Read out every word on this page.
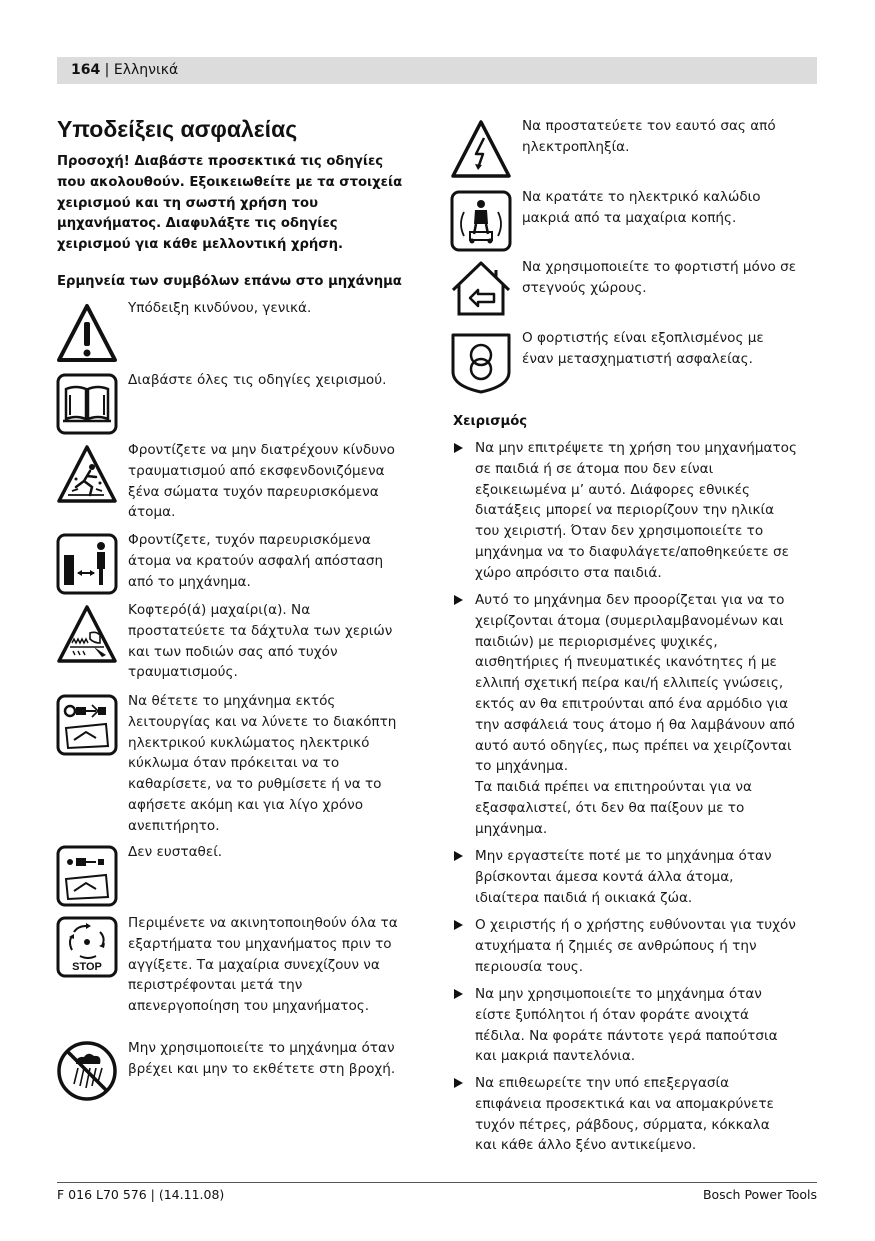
164 | Ελληνικά
Υποδείξεις ασφαλείας
Προσοχή! Διαβάστε προσεκτικά τις οδηγίες
που ακολουθούν. Εξοικειωθείτε με τα στοιχεία
χειρισμού και τη σωστή χρήση του
μηχανήματος. Διαφυλάξτε τις οδηγίες
χειρισμού για κάθε μελλοντική χρήση.
Ερμηνεία των συμβόλων επάνω στο μηχάνημα
Υπόδειξη κινδύνου, γενικά.
Διαβάστε όλες τις οδηγίες χειρισμού.
Φροντίζετε να μην διατρέχουν κίνδυνο
τραυματισμού από εκσφενδονιζόμενα
ξένα σώματα τυχόν παρευρισκόμενα
άτομα.
Φροντίζετε, τυχόν παρευρισκόμενα
άτομα να κρατούν ασφαλή απόσταση
από το μηχάνημα.
Κοφτερό(ά) μαχαίρι(α). Να
προστατεύετε τα δάχτυλα των χεριών
και των ποδιών σας από τυχόν
τραυματισμούς.
Να θέτετε το μηχάνημα εκτός
λειτουργίας και να λύνετε το διακόπτη
ηλεκτρικού κυκλώματος ηλεκτρικό
κύκλωμα όταν πρόκειται να το
καθαρίσετε, να το ρυθμίσετε ή να το
αφήσετε ακόμη και για λίγο χρόνο
ανεπιτήρητο.
Δεν ευσταθεί.
STOP
Περιμένετε να ακινητοποιηθούν όλα τα
εξαρτήματα του μηχανήματος πριν το
αγγίξετε. Τα μαχαίρια συνεχίζουν να
περιστρέφονται μετά την
απενεργοποίηση του μηχανήματος.
Μην χρησιμοποιείτε το μηχάνημα όταν
βρέχει και μην το εκθέτετε στη βροχή.
Να προστατεύετε τον εαυτό σας από
ηλεκτροπληξία.
Να κρατάτε το ηλεκτρικό καλώδιο
μακριά από τα μαχαίρια κοπής.
Να χρησιμοποιείτε το φορτιστή μόνο σε
στεγνούς χώρους.
Ο φορτιστής είναι εξοπλισμένος με
έναν μετασχηματιστή ασφαλείας.
Χειρισμός
Να μην επιτρέψετε τη χρήση του μηχανήματος
σε παιδιά ή σε άτομα που δεν είναι
εξοικειωμένα μ’ αυτό. Διάφορες εθνικές
διατάξεις μπορεί να περιορίζουν την ηλικία
του χειριστή. Όταν δεν χρησιμοποιείτε το
μηχάνημα να το διαφυλάγετε/αποθηκεύετε σε
χώρο απρόσιτο στα παιδιά.
Αυτό το μηχάνημα δεν προορίζεται για να το
χειρίζονται άτομα (συμεριλαμβανομένων και
παιδιών) με περιορισμένες ψυχικές,
αισθητήριες ή πνευματικές ικανότητες ή με
ελλιπή σχετική πείρα και/ή ελλιπείς γνώσεις,
εκτός αν θα επιτρούνται από ένα αρμόδιο για
την ασφάλειά τους άτομο ή θα λαμβάνουν από
αυτό αυτό οδηγίες, πως πρέπει να χειρίζονται
το μηχάνημα.
Τα παιδιά πρέπει να επιτηρούνται για να
εξασφαλιστεί, ότι δεν θα παίξουν με το
μηχάνημα.
Μην εργαστείτε ποτέ με το μηχάνημα όταν
βρίσκονται άμεσα κοντά άλλα άτομα,
ιδιαίτερα παιδιά ή οικιακά ζώα.
Ο χειριστής ή ο χρήστης ευθύνονται για τυχόν
ατυχήματα ή ζημιές σε ανθρώπους ή την
περιουσία τους.
Να μην χρησιμοποιείτε το μηχάνημα όταν
είστε ξυπόλητοι ή όταν φοράτε ανοιχτά
πέδιλα. Να φοράτε πάντοτε γερά παπούτσια
και μακριά παντελόνια.
Να επιθεωρείτε την υπό επεξεργασία
επιφάνεια προσεκτικά και να απομακρύνετε
τυχόν πέτρες, ράβδους, σύρματα, κόκκαλα
και κάθε άλλο ξένο αντικείμενο.
F 016 L70 576 | (14.11.08)	Bosch Power Tools
